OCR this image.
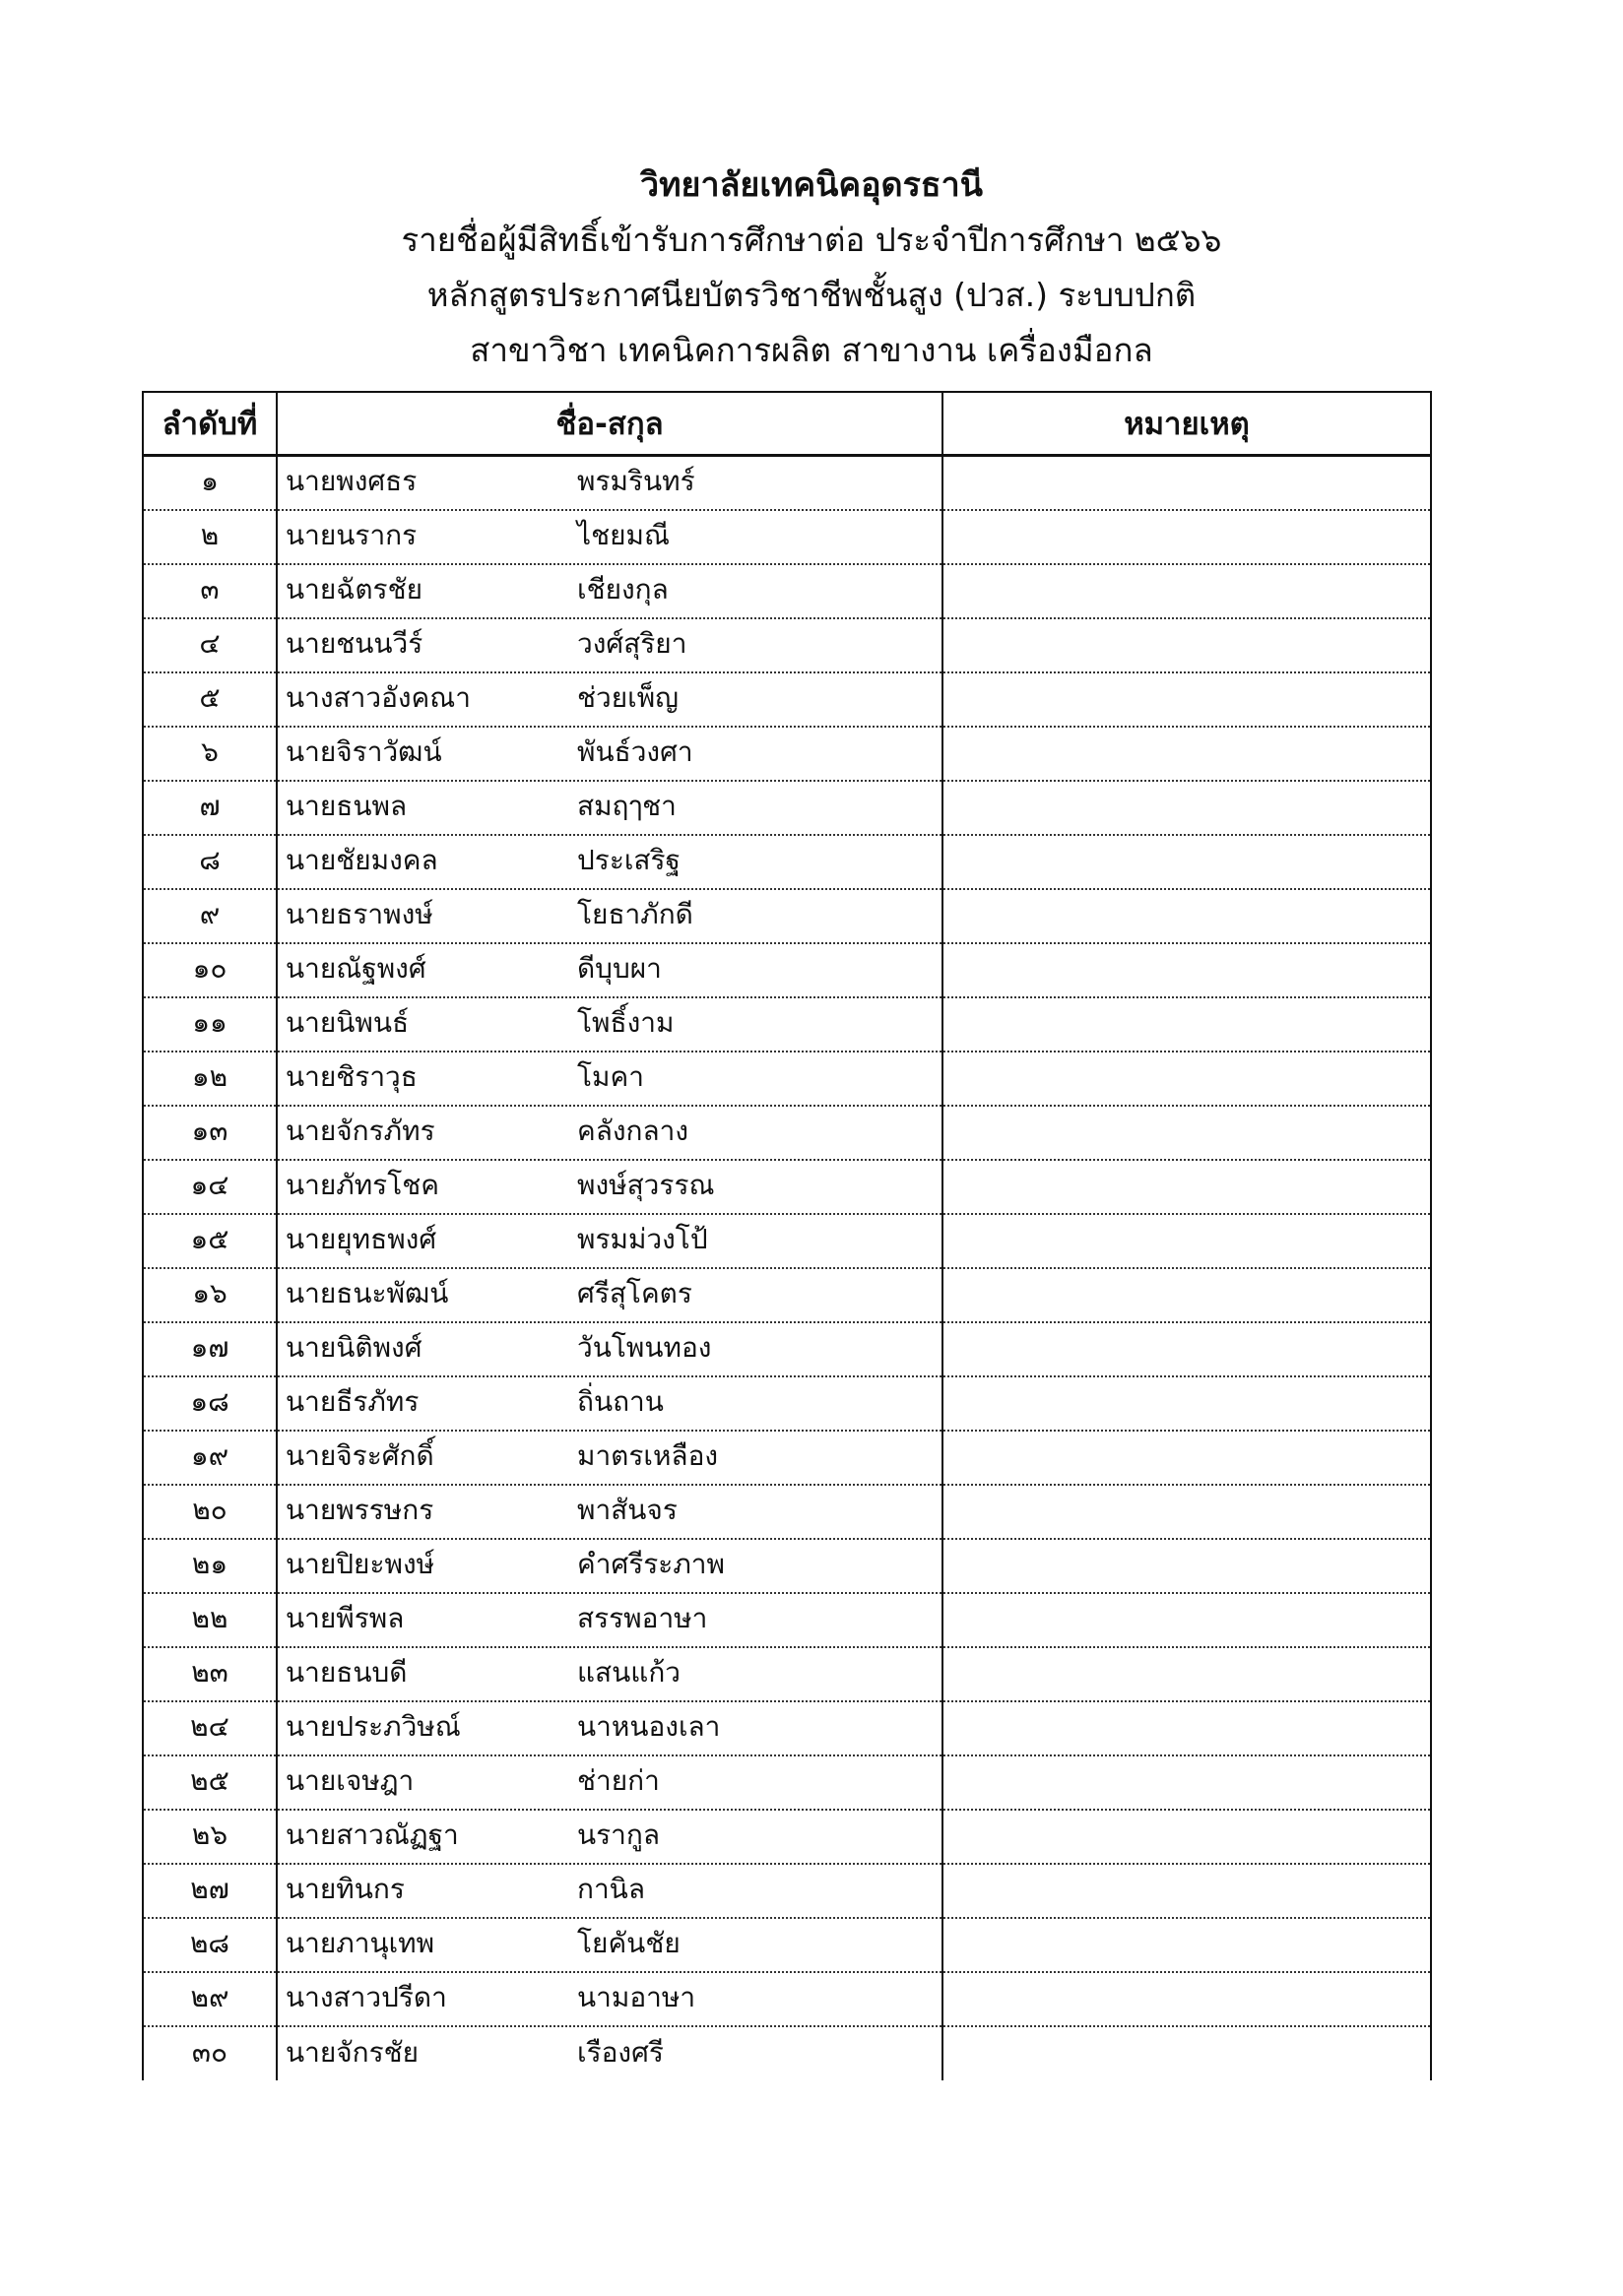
วิทยาลัยเทคนิคอุดรธานี
รายชื่อผู้มีสิทธิ์เข้ารับการศึกษาต่อ ประจำปีการศึกษา ๒๕๖๖
หลักสูตรประกาศนียบัตรวิชาชีพชั้นสูง (ปวส.) ระบบปกติ
สาขาวิชา เทคนิคการผลิต สาขางาน เครื่องมือกล
ลำดับที่	ชื่อ-สกุล	หมายเหตุ
๑	นายพงศธร พรมรินทร์	
๒	นายนรากร ไชยมณี	
๓	นายฉัตรชัย เชียงกุล	
๔	นายชนนวีร์ วงศ์สุริยา	
๕	นางสาวอังคณา ช่วยเพ็ญ	
๖	นายจิราวัฒน์ พันธ์วงศา	
๗	นายธนพล สมฤๅชา	
๘	นายชัยมงคล ประเสริฐ	
๙	นายธราพงษ์ โยธาภักดี	
๑๐	นายณัฐพงศ์ ดีบุบผา	
๑๑	นายนิพนธ์ โพธิ์งาม	
๑๒	นายชิราวุธ โมคา	
๑๓	นายจักรภัทร คลังกลาง	
๑๔	นายภัทรโชค พงษ์สุวรรณ	
๑๕	นายยุทธพงศ์ พรมม่วงโป้	
๑๖	นายธนะพัฒน์ ศรีสุโคตร	
๑๗	นายนิติพงศ์ วันโพนทอง	
๑๘	นายธีรภัทร ถิ่นถาน	
๑๙	นายจิระศักดิ์ มาตรเหลือง	
๒๐	นายพรรษกร พาสันจร	
๒๑	นายปิยะพงษ์ คำศรีระภาพ	
๒๒	นายพีรพล สรรพอาษา	
๒๓	นายธนบดี แสนแก้ว	
๒๔	นายประภวิษณ์ นาหนองเลา	
๒๕	นายเจษฎา ช่ายก่า	
๒๖	นายสาวณัฏฐา นรากูล	
๒๗	นายทินกร กานิล	
๒๘	นายภานุเทพ โยคันชัย	
๒๙	นางสาวปรีดา นามอาษา	
๓๐	นายจักรชัย เรืองศรี	
